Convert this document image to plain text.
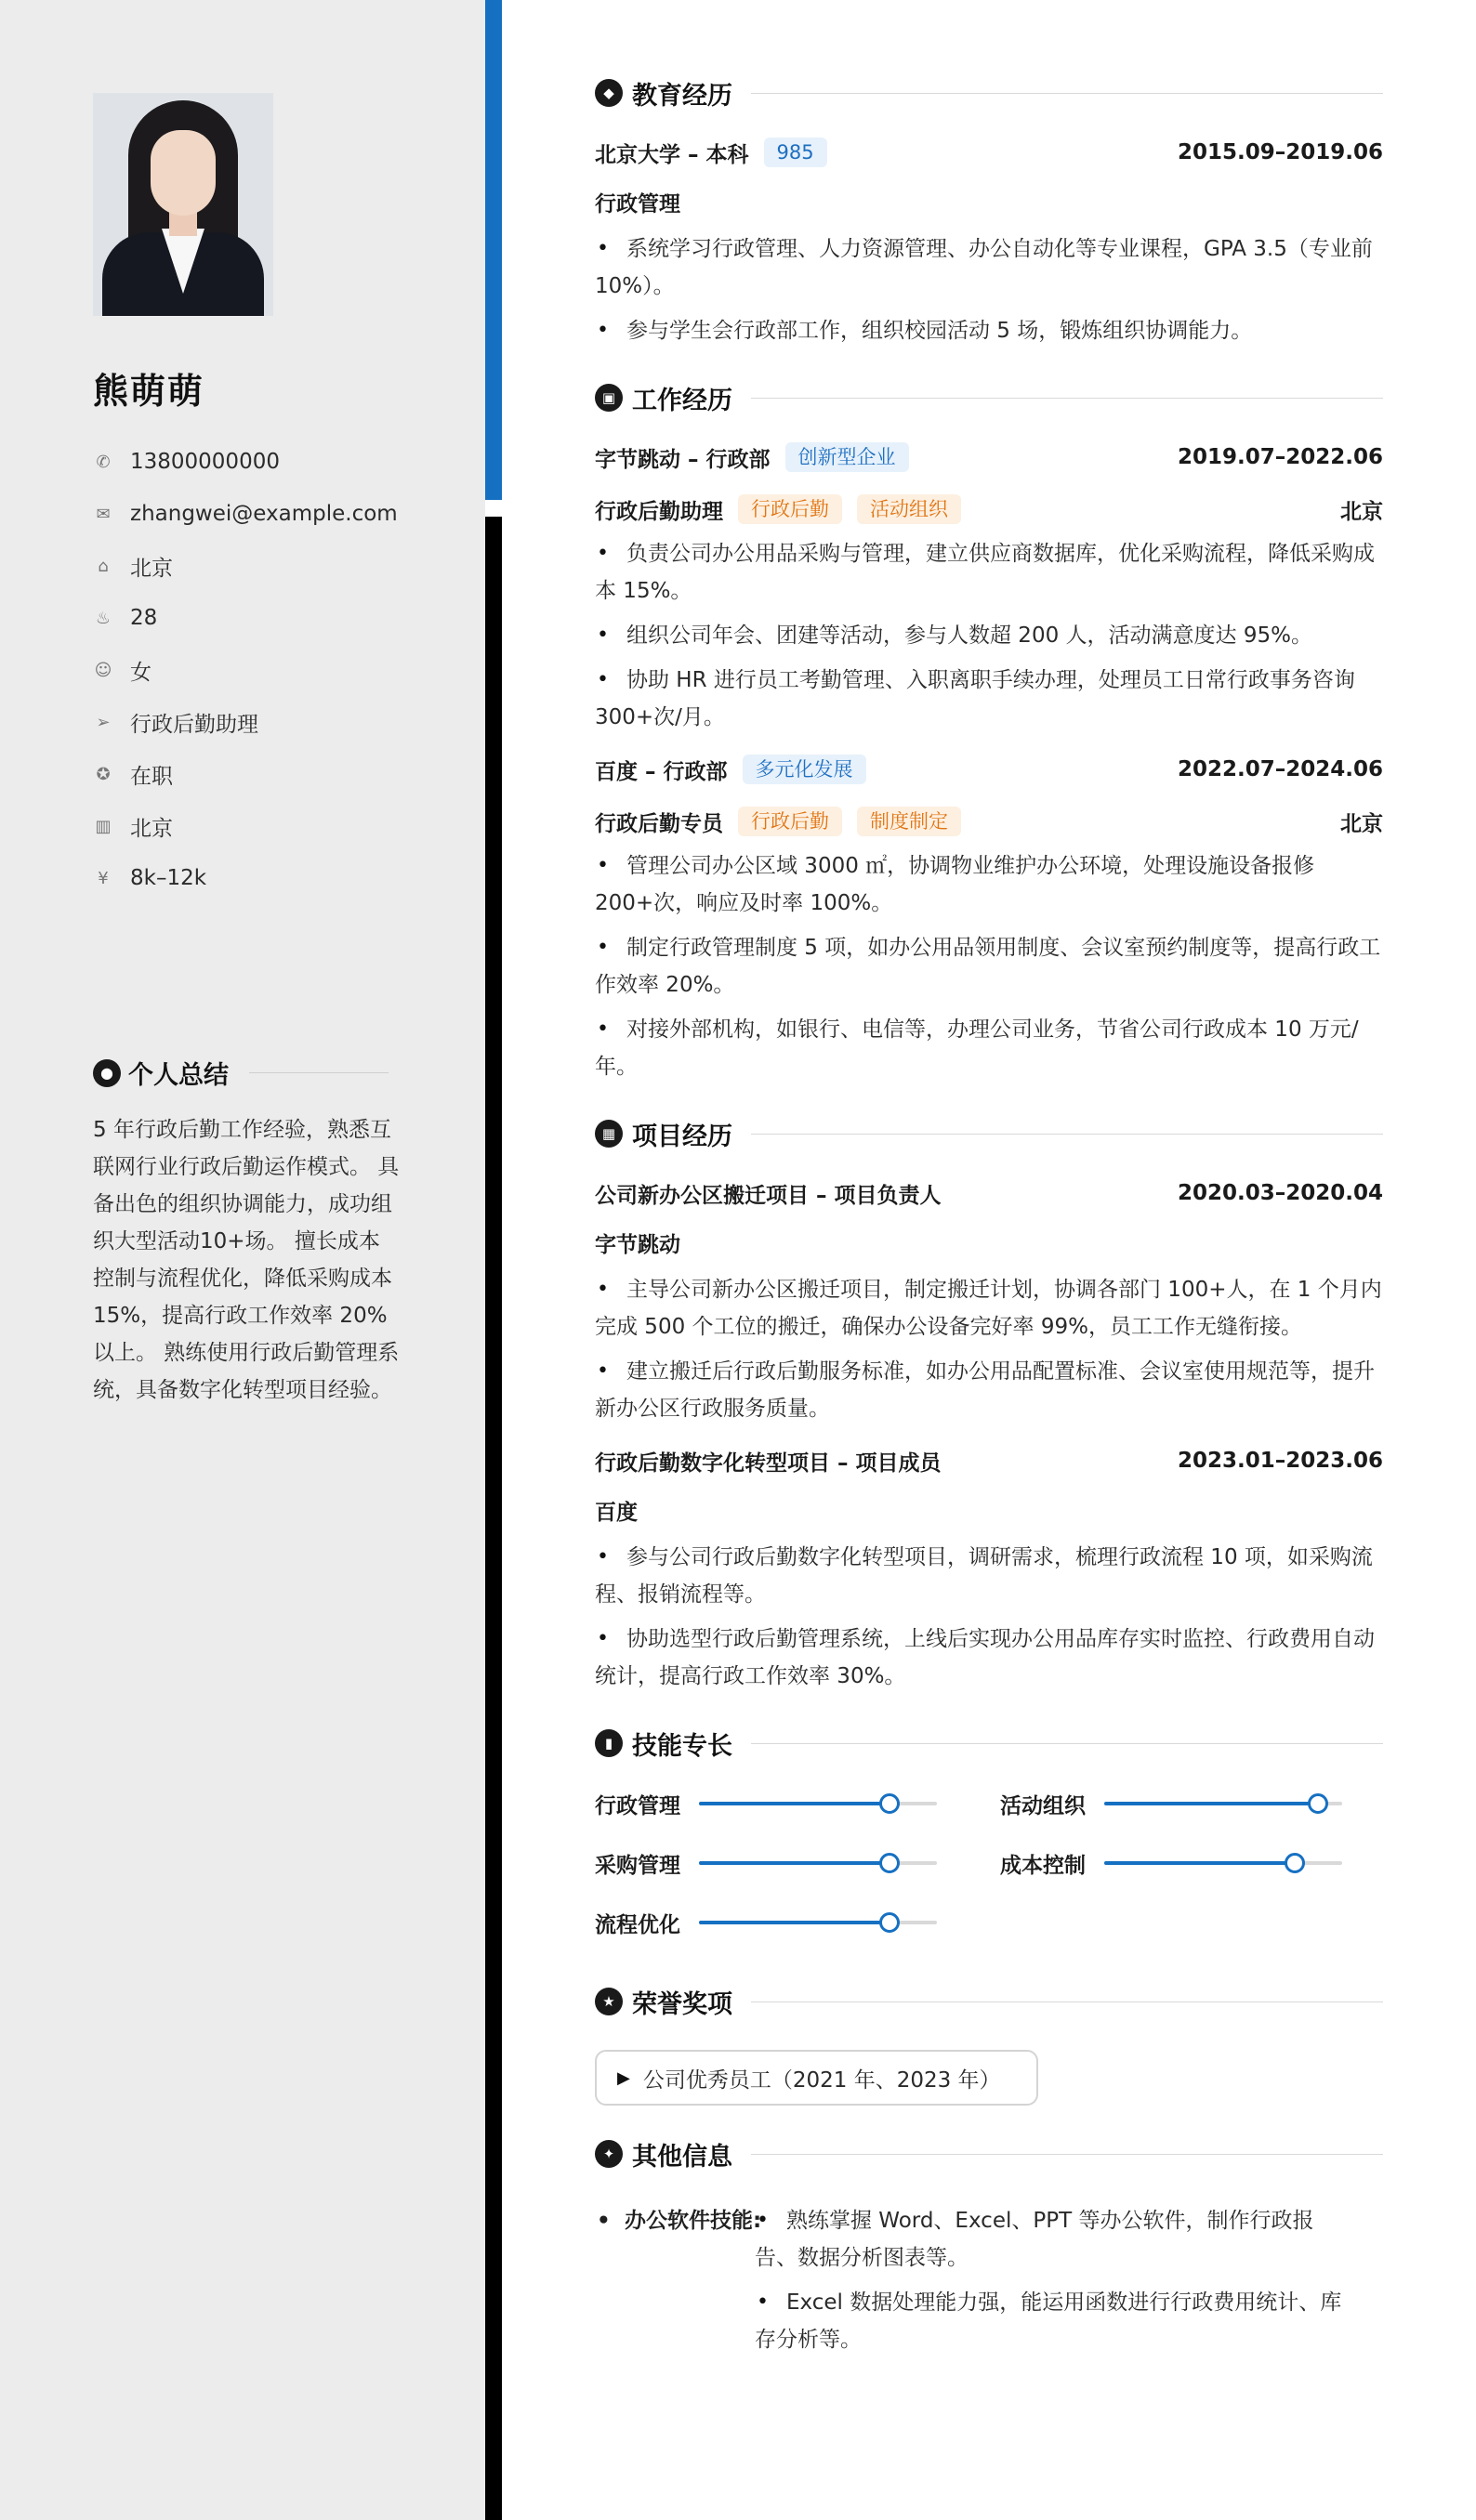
熊萌萌
✆ 13800000000
✉ zhangwei@example.com
⌂ 北京
♨ 28
☺ 女
➢ 行政后勤助理
✪ 在职
▥ 北京
¥ 8k–12k
● 个人总结
5 年行政后勤工作经验，熟悉互联网行业行政后勤运作模式。 具备出色的组织协调能力，成功组织大型活动10+场。 擅长成本控制与流程优化，降低采购成本 15%，提高行政工作效率 20%以上。 熟练使用行政后勤管理系统，具备数字化转型项目经验。
◆ 教育经历
北京大学 – 本科	985	2015.09–2019.06
行政管理
• 系统学习行政管理、人力资源管理、办公自动化等专业课程，GPA 3.5（专业前 10%）。
• 参与学生会行政部工作，组织校园活动 5 场，锻炼组织协调能力。
▣ 工作经历
字节跳动 – 行政部	创新型企业	2019.07–2022.06
行政后勤助理	行政后勤	活动组织	北京
• 负责公司办公用品采购与管理，建立供应商数据库，优化采购流程，降低采购成本 15%。
• 组织公司年会、团建等活动，参与人数超 200 人，活动满意度达 95%。
• 协助 HR 进行员工考勤管理、入职离职手续办理，处理员工日常行政事务咨询 300+次/月。
百度 – 行政部	多元化发展	2022.07–2024.06
行政后勤专员	行政后勤	制度制定	北京
• 管理公司办公区域 3000 ㎡，协调物业维护办公环境，处理设施设备报修 200+次，响应及时率 100%。
• 制定行政管理制度 5 项，如办公用品领用制度、会议室预约制度等，提高行政工作效率 20%。
• 对接外部机构，如银行、电信等，办理公司业务，节省公司行政成本 10 万元/年。
▦ 项目经历
公司新办公区搬迁项目 – 项目负责人	2020.03–2020.04
字节跳动
• 主导公司新办公区搬迁项目，制定搬迁计划，协调各部门 100+人，在 1 个月内完成 500 个工位的搬迁，确保办公设备完好率 99%，员工工作无缝衔接。
• 建立搬迁后行政后勤服务标准，如办公用品配置标准、会议室使用规范等，提升新办公区行政服务质量。
行政后勤数字化转型项目 – 项目成员	2023.01–2023.06
百度
• 参与公司行政后勤数字化转型项目，调研需求，梳理行政流程 10 项，如采购流程、报销流程等。
• 协助选型行政后勤管理系统，上线后实现办公用品库存实时监控、行政费用自动统计，提高行政工作效率 30%。
▮ 技能专长
行政管理	活动组织
采购管理	成本控制
流程优化
★ 荣誉奖项
▶ 公司优秀员工（2021 年、2023 年）
✦ 其他信息
• 办公软件技能:
•	熟练掌握 Word、Excel、PPT 等办公软件，制作行政报告、数据分析图表等。
• Excel 数据处理能力强，能运用函数进行行政费用统计、库存分析等。
